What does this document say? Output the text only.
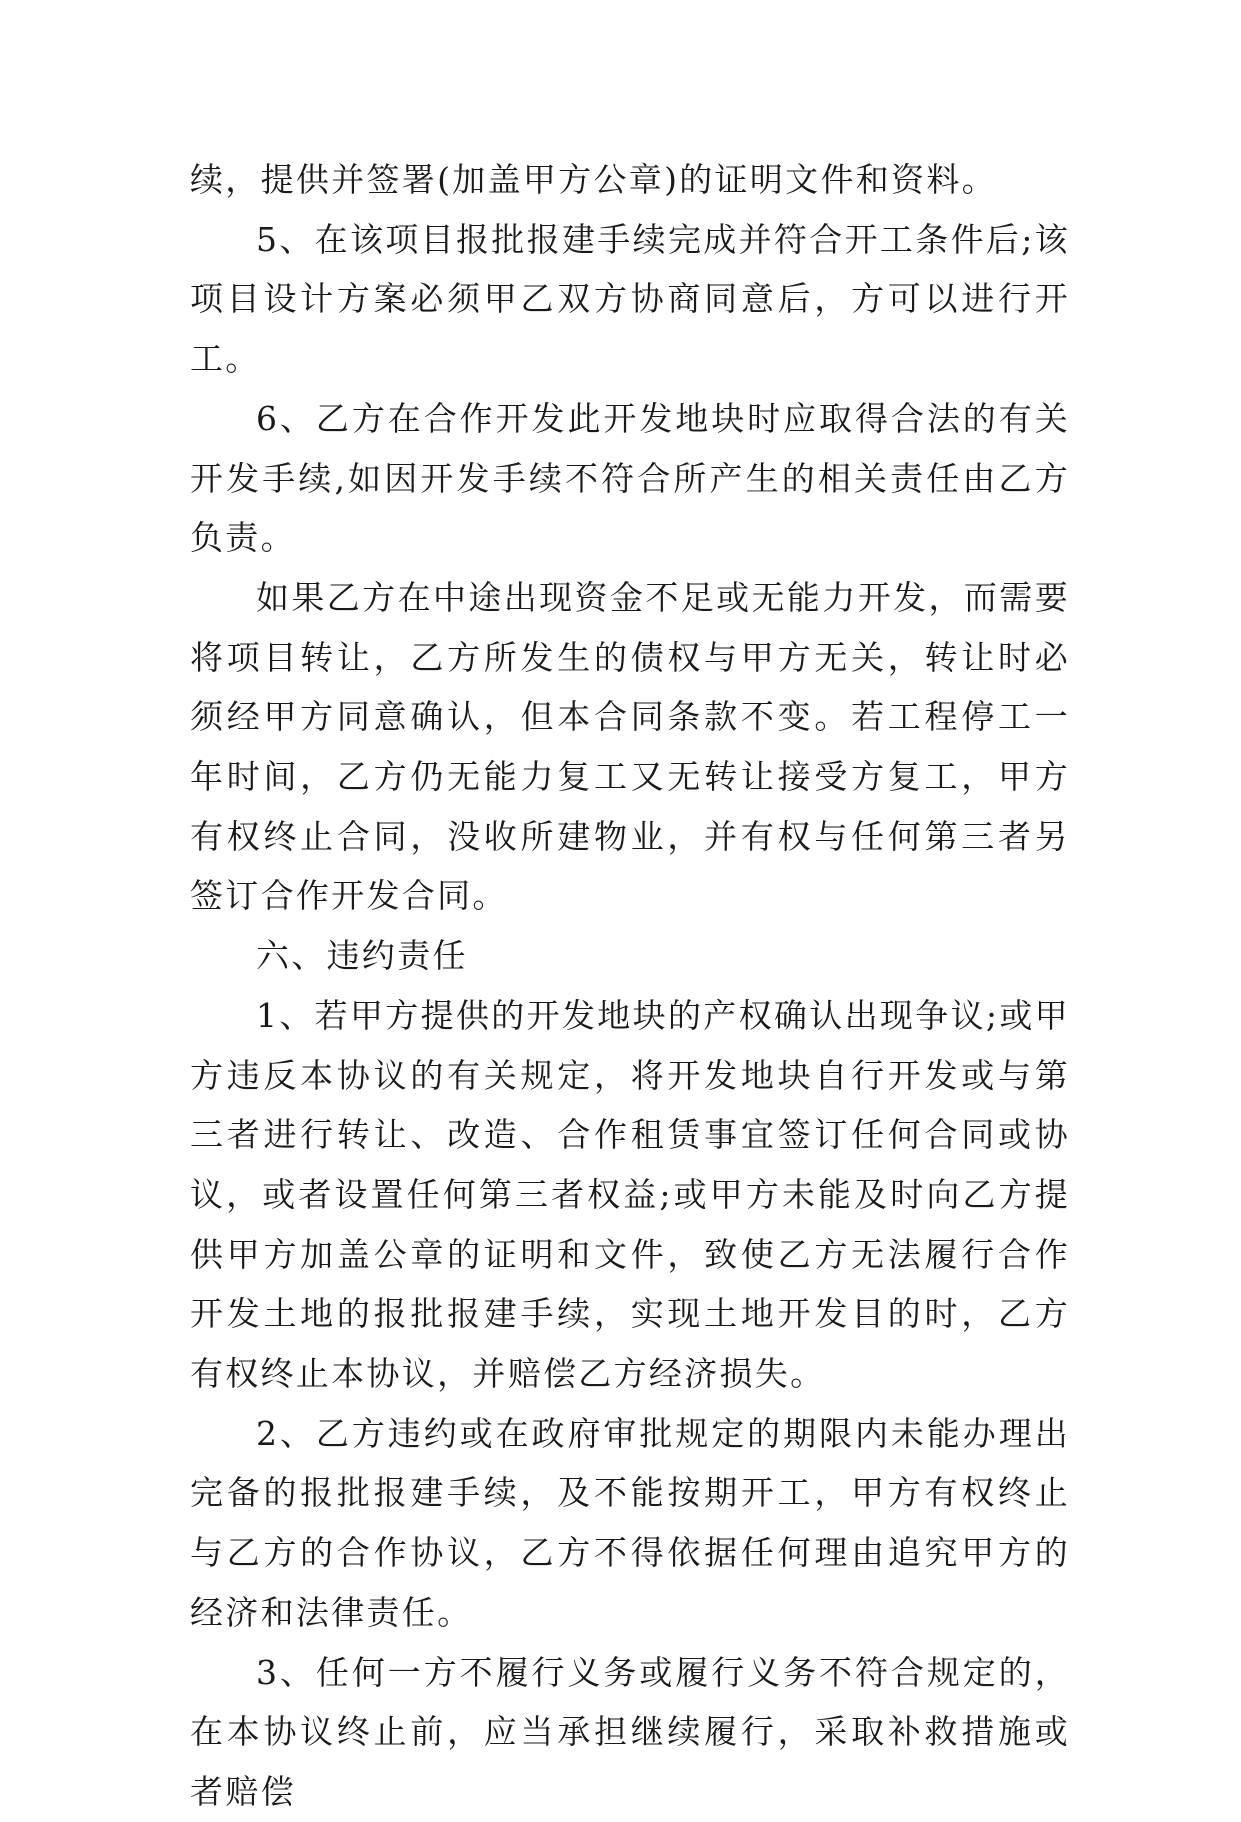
续，提供并签署(加盖甲方公章)的证明文件和资料。

5、在该项目报批报建手续完成并符合开工条件后;该项目设计方案必须甲乙双方协商同意后，方可以进行开工。

6、乙方在合作开发此开发地块时应取得合法的有关开发手续,如因开发手续不符合所产生的相关责任由乙方负责。

如果乙方在中途出现资金不足或无能力开发，而需要将项目转让，乙方所发生的债权与甲方无关，转让时必须经甲方同意确认，但本合同条款不变。若工程停工一年时间，乙方仍无能力复工又无转让接受方复工，甲方有权终止合同，没收所建物业，并有权与任何第三者另签订合作开发合同。

六、违约责任

1、若甲方提供的开发地块的产权确认出现争议;或甲方违反本协议的有关规定，将开发地块自行开发或与第三者进行转让、改造、合作租赁事宜签订任何合同或协议，或者设置任何第三者权益;或甲方未能及时向乙方提供甲方加盖公章的证明和文件，致使乙方无法履行合作开发土地的报批报建手续，实现土地开发目的时，乙方有权终止本协议，并赔偿乙方经济损失。

2、乙方违约或在政府审批规定的期限内未能办理出完备的报批报建手续，及不能按期开工，甲方有权终止与乙方的合作协议，乙方不得依据任何理由追究甲方的经济和法律责任。

3、任何一方不履行义务或履行义务不符合规定的，在本协议终止前，应当承担继续履行，采取补救措施或者赔偿
